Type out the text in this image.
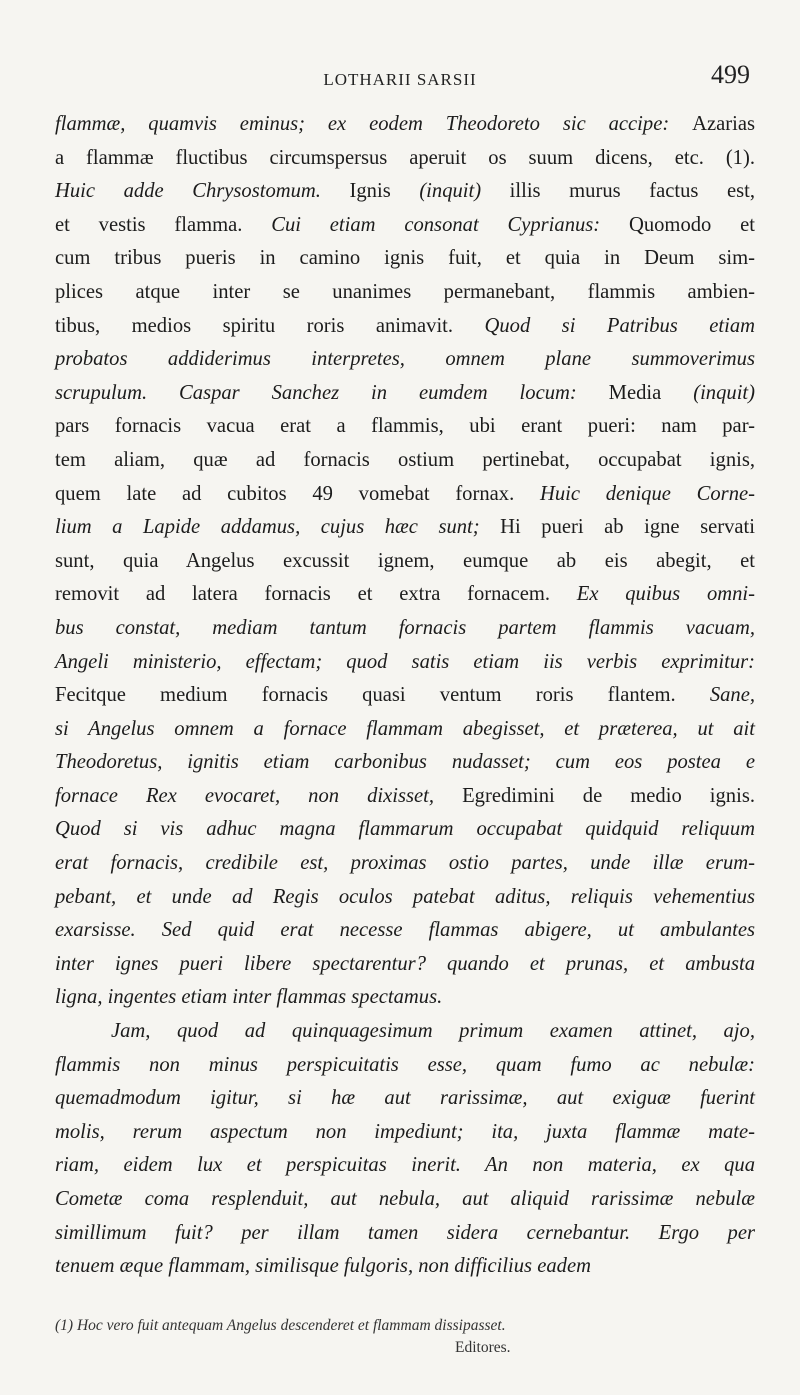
LOTHARII SARSII	499
flammæ, quamvis eminus; ex eodem Theodoreto sic accipe: Azarias
a flammæ fluctibus circumspersus aperuit os suum dicens, etc. (1).
Huic adde Chrysostomum. Ignis (inquit) illis murus factus est,
et vestis flamma. Cui etiam consonat Cyprianus: Quomodo et
cum tribus pueris in camino ignis fuit, et quia in Deum sim-
plices atque inter se unanimes permanebant, flammis ambien-
tibus, medios spiritu roris animavit. Quod si Patribus etiam
probatos addiderimus interpretes, omnem plane summoverimus
scrupulum. Caspar Sanchez in eumdem locum: Media (inquit)
pars fornacis vacua erat a flammis, ubi erant pueri: nam par-
tem aliam, quæ ad fornacis ostium pertinebat, occupabat ignis,
quem late ad cubitos 49 vomebat fornax. Huic denique Corne-
lium a Lapide addamus, cujus hæc sunt; Hi pueri ab igne servati
sunt, quia Angelus excussit ignem, eumque ab eis abegit, et
removit ad latera fornacis et extra fornacem. Ex quibus omni-
bus constat, mediam tantum fornacis partem flammis vacuam,
Angeli ministerio, effectam; quod satis etiam iis verbis exprimitur:
Fecitque medium fornacis quasi ventum roris flantem. Sane,
si Angelus omnem a fornace flammam abegisset, et præterea, ut ait
Theodoretus, ignitis etiam carbonibus nudasset; cum eos postea e
fornace Rex evocaret, non dixisset, Egredimini de medio ignis.
Quod si vis adhuc magna flammarum occupabat quidquid reliquum
erat fornacis, credibile est, proximas ostio partes, unde illæ erum-
pebant, et unde ad Regis oculos patebat aditus, reliquis vehementius
exarsisse. Sed quid erat necesse flammas abigere, ut ambulantes
inter ignes pueri libere spectarentur? quando et prunas, et ambusta
ligna, ingentes etiam inter flammas spectamus.
Jam, quod ad quinquagesimum primum examen attinet, ajo,
flammis non minus perspicuitatis esse, quam fumo ac nebulæ:
quemadmodum igitur, si hæ aut rarissimæ, aut exiguæ fuerint
molis, rerum aspectum non impediunt; ita, juxta flammæ mate-
riam, eidem lux et perspicuitas inerit. An non materia, ex qua
Cometæ coma resplenduit, aut nebula, aut aliquid rarissimæ nebulæ
simillimum fuit? per illam tamen sidera cernebantur. Ergo per
tenuem æque flammam, similisque fulgoris, non difficilius eadem
(1) Hoc vero fuit antequam Angelus descenderet et flammam dissipasset.
Editores.
